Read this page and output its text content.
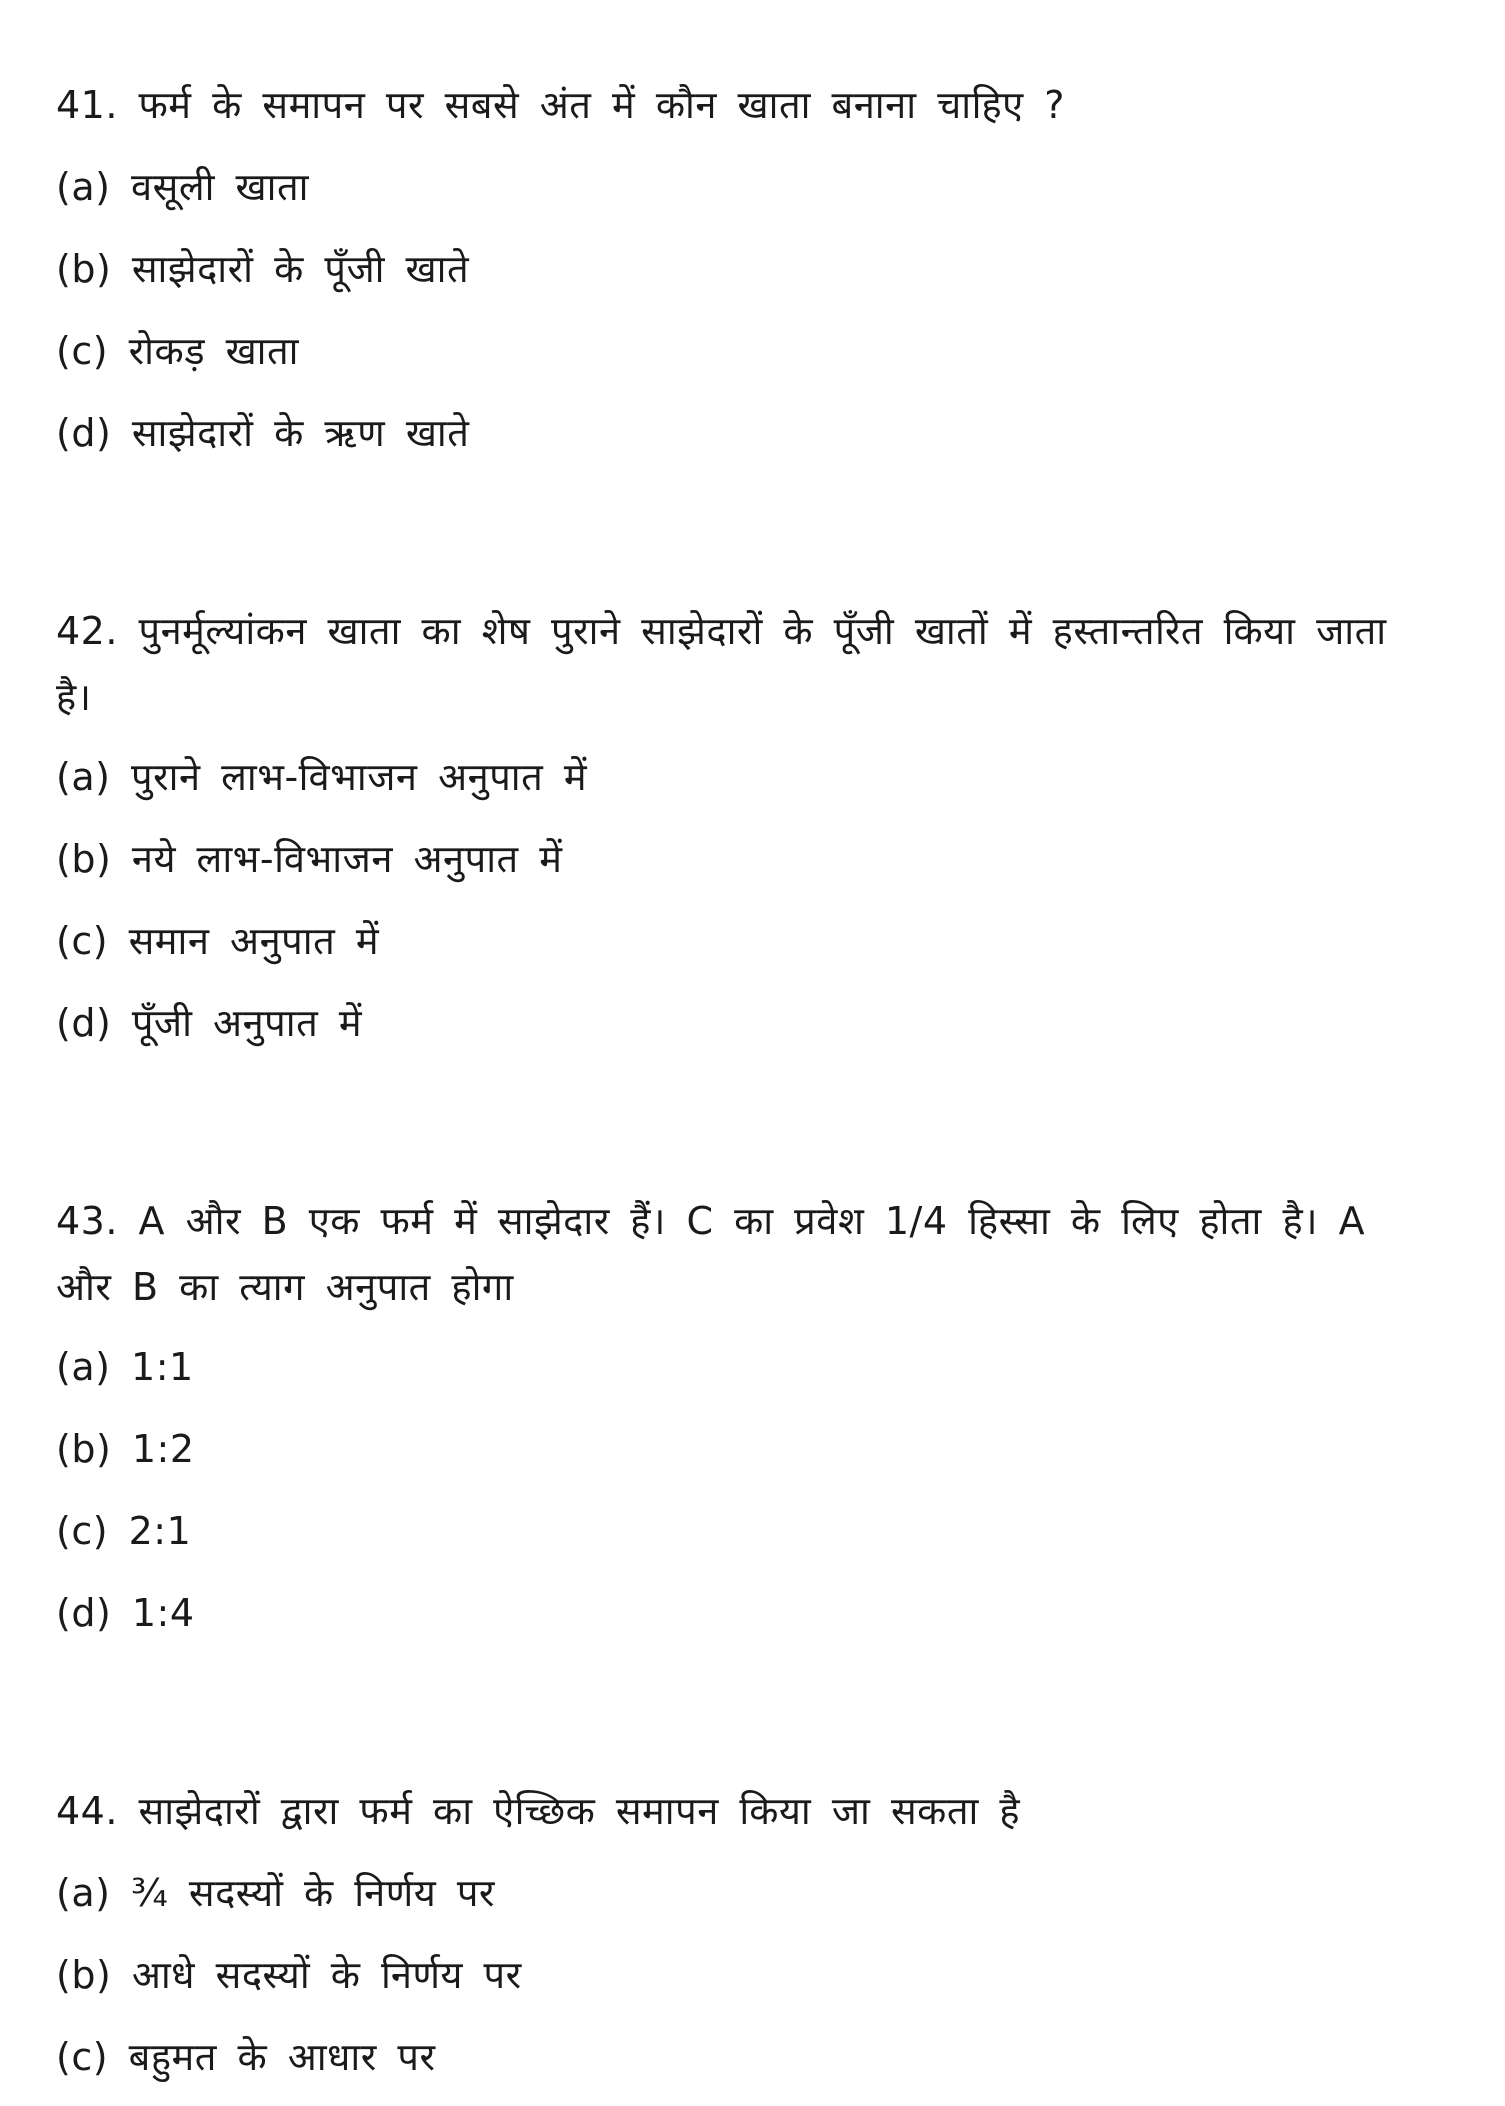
41. फर्म के समापन पर सबसे अंत में कौन खाता बनाना चाहिए ?

(a) वसूली खाता

(b) साझेदारों के पूँजी खाते

(c) रोकड़ खाता

(d) साझेदारों के ऋण खाते

42. पुनर्मूल्यांकन खाता का शेष पुराने साझेदारों के पूँजी खातों में हस्तान्तरित किया जाता है।

(a) पुराने लाभ-विभाजन अनुपात में

(b) नये लाभ-विभाजन अनुपात में

(c) समान अनुपात में

(d) पूँजी अनुपात में

43. A और B एक फर्म में साझेदार हैं। C का प्रवेश 1/4 हिस्सा के लिए होता है। A और B का त्याग अनुपात होगा

(a) 1:1

(b) 1:2

(c) 2:1

(d) 1:4

44. साझेदारों द्वारा फर्म का ऐच्छिक समापन किया जा सकता है

(a) ¾ सदस्यों के निर्णय पर

(b) आधे सदस्यों के निर्णय पर

(c) बहुमत के आधार पर
